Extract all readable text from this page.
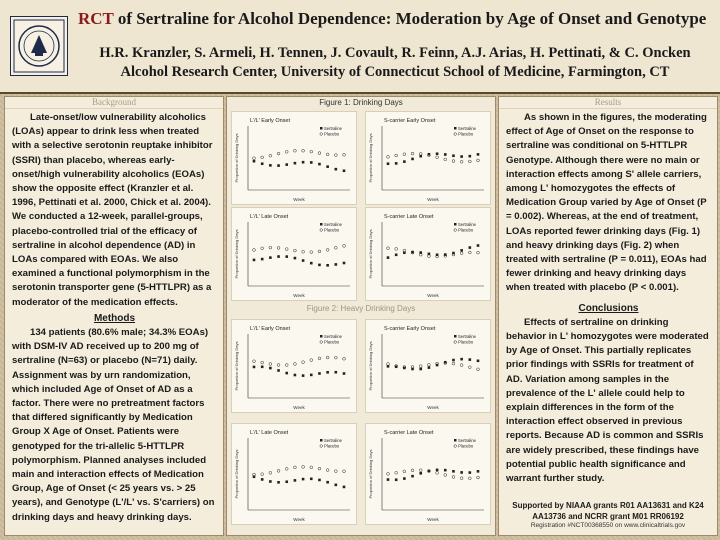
RCT of Sertraline for Alcohol Dependence: Moderation by Age of Onset and Genotype
H.R. Kranzler, S. Armeli, H. Tennen, J. Covault, R. Feinn, A.J. Arias, H. Pettinati, & C. Oncken
Alcohol Research Center, University of Connecticut School of Medicine, Farmington, CT
Background

Late-onset/low vulnerability alcoholics (LOAs) appear to drink less when treated with a selective serotonin reuptake inhibitor (SSRI) than placebo, whereas early-onset/high vulnerability alcoholics (EOAs) show the opposite effect (Kranzler et al. 1996, Pettinati et al. 2000, Chick et al. 2004). We conducted a 12-week, parallel-groups, placebo-controlled trial of the efficacy of sertraline in alcohol dependence (AD) in LOAs compared with EOAs. We also examined a functional polymorphism in the serotonin transporter gene (5-HTTLPR) as a moderator of the medication effects.

Methods

134 patients (80.6% male; 34.3% EOAs) with DSM-IV AD received up to 200 mg of sertraline (N=63) or placebo (N=71) daily. Assignment was by urn randomization, which included Age of Onset of AD as a factor. There were no pretreatment factors that differed significantly by Medication Group X Age of Onset. Patients were genotyped for the tri-allelic 5-HTTLPR polymorphism. Planned analyses included main and interaction effects of Medication Group, Age of Onset (< 25 years vs. > 25 years), and Genotype (L'/L' vs. S'carriers) on drinking days and heavy drinking days.

Figure 1: Drinking Days
L'/L' Early Onset
Proportion of Drinking Days
Week
Sertraline
Placebo
S-carrier Early Onset
Proportion of Drinking Days
Week
Sertraline
Placebo
L'/L' Late Onset
Proportion of Drinking Days
Week
Sertraline
Placebo
S-carrier Late Onset
Proportion of Drinking Days
Week
Sertraline
Placebo
Figure 2: Heavy Drinking Days
L'/L' Early Onset
Proportion of Drinking Days
Week
Sertraline
Placebo
S-carrier Early Onset
Proportion of Drinking Days
Week
Sertraline
Placebo
L'/L' Late Onset
Proportion of Drinking Days
Week
Sertraline
Placebo
S-carrier Late Onset
Proportion of Drinking Days
Week
Sertraline
Placebo
Results

As shown in the figures, the moderating effect of Age of Onset on the response to sertraline was conditional on 5-HTTLPR Genotype. Although there were no main or interaction effects among S' allele carriers, among L' homozygotes the effects of Medication Group varied by Age of Onset (P = 0.002). Whereas, at the end of treatment, LOAs reported fewer drinking days (Fig. 1) and heavy drinking days (Fig. 2) when treated with sertraline (P = 0.011), EOAs had fewer drinking and heavy drinking days when treated with placebo (P < 0.001).

Conclusions

Effects of sertraline on drinking behavior in L' homozygotes were moderated by Age of Onset. This partially replicates prior findings with SSRIs for treatment of AD. Variation among samples in the prevalence of the L' allele could help to explain differences in the form of the interaction effect observed in previous reports. Because AD is common and SSRIs are widely prescribed, these findings have potential public health significance and warrant further study.

Supported by NIAAA grants R01 AA13631 and K24 AA13736 and NCRR grant M01 RR06192
Registration #NCT00368550 on www.clinicaltrials.gov
